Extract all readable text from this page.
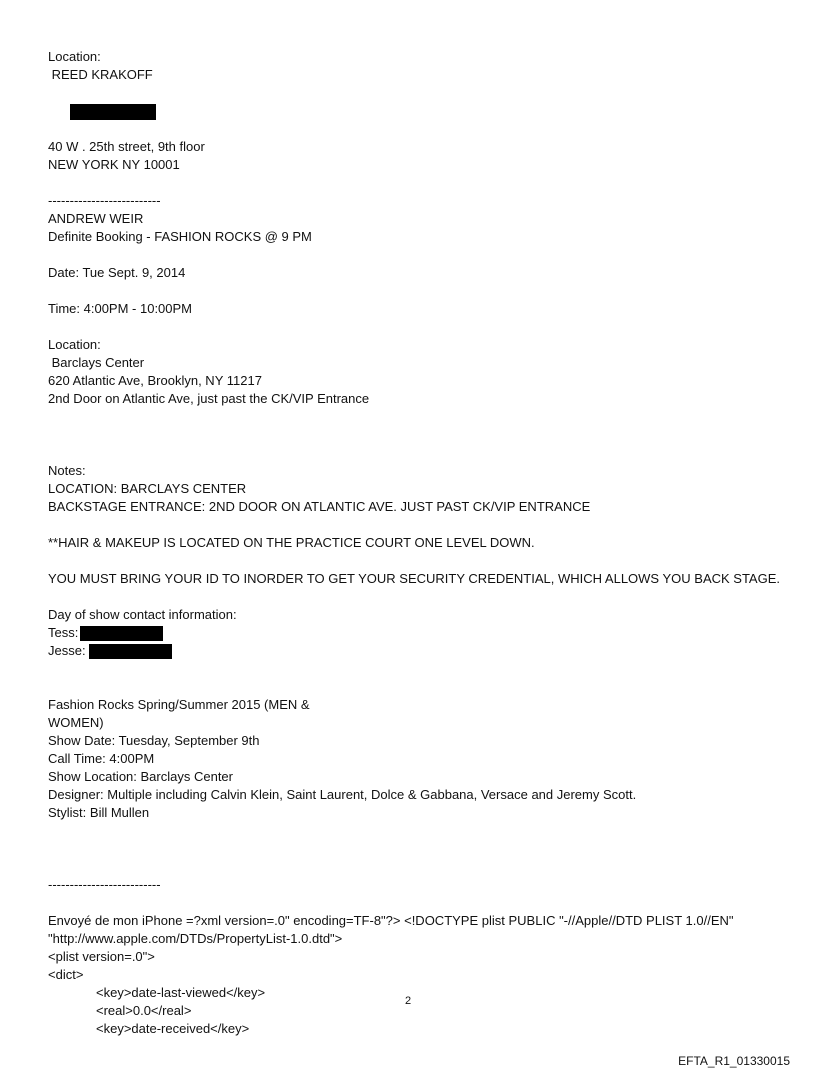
Location:
REED KRAKOFF

40 W . 25th street, 9th floor
NEW YORK NY 10001
--------------------------
ANDREW WEIR
Definite Booking - FASHION ROCKS @ 9 PM
Date: Tue Sept. 9, 2014
Time: 4:00PM - 10:00PM
Location:
Barclays Center
620 Atlantic Ave, Brooklyn, NY 11217
2nd Door on Atlantic Ave, just past the CK/VIP Entrance
Notes:
LOCATION: BARCLAYS CENTER
BACKSTAGE ENTRANCE: 2ND DOOR ON ATLANTIC AVE. JUST PAST CK/VIP ENTRANCE
**HAIR & MAKEUP IS LOCATED ON THE PRACTICE COURT ONE LEVEL DOWN.
YOU MUST BRING YOUR ID TO INORDER TO GET YOUR SECURITY CREDENTIAL, WHICH ALLOWS YOU BACK STAGE.
Day of show contact information:
Tess:
Jesse:
Fashion Rocks Spring/Summer 2015 (MEN &
WOMEN)
Show Date: Tuesday, September 9th
Call Time: 4:00PM
Show Location: Barclays Center
Designer: Multiple including Calvin Klein, Saint Laurent, Dolce & Gabbana, Versace and Jeremy Scott.
Stylist: Bill Mullen
--------------------------
Envoyé de mon iPhone =?xml version=.0" encoding=TF-8"?> <!DOCTYPE plist PUBLIC "-//Apple//DTD PLIST 1.0//EN"
"http://www.apple.com/DTDs/PropertyList-1.0.dtd">
<plist version=.0">
<dict>
<key>date-last-viewed</key>
<real>0.0</real>
<key>date-received</key>
2
EFTA_R1_01330015
